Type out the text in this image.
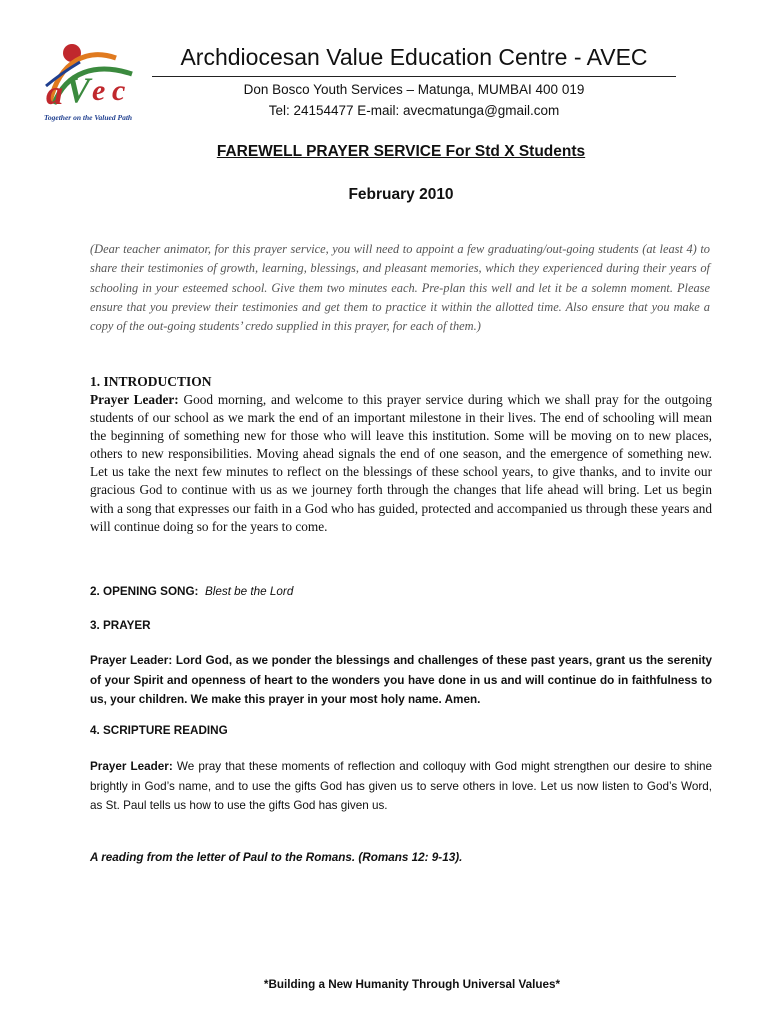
a V e c
Together on the Valued Path
Archdiocesan Value Education Centre - AVEC
Don Bosco Youth Services – Matunga, MUMBAI 400 019
Tel: 24154477 E-mail: avecmatunga@gmail.com
FAREWELL PRAYER SERVICE For Std X Students
February 2010
(Dear teacher animator, for this prayer service, you will need to appoint a few graduating/out-going students (at least 4) to share their testimonies of growth, learning, blessings, and pleasant memories, which they experienced during their years of schooling in your esteemed school. Give them two minutes each. Pre-plan this well and let it be a solemn moment. Please ensure that you preview their testimonies and get them to practice it within the allotted time. Also ensure that you make a copy of the out-going students’ credo supplied in this prayer, for each of them.)
1. INTRODUCTION
Prayer Leader: Good morning, and welcome to this prayer service during which we shall pray for the outgoing students of our school as we mark the end of an important milestone in their lives. The end of schooling will mean the beginning of something new for those who will leave this institution. Some will be moving on to new places, others to new responsibilities. Moving ahead signals the end of one season, and the emergence of something new. Let us take the next few minutes to reflect on the blessings of these school years, to give thanks, and to invite our gracious God to continue with us as we journey forth through the changes that life ahead will bring. Let us begin with a song that expresses our faith in a God who has guided, protected and accompanied us through these years and will continue doing so for the years to come.
2. OPENING SONG: Blest be the Lord
3. PRAYER
Prayer Leader: Lord God, as we ponder the blessings and challenges of these past years, grant us the serenity of your Spirit and openness of heart to the wonders you have done in us and will continue do in faithfulness to us, your children. We make this prayer in your most holy name. Amen.
4. SCRIPTURE READING
Prayer Leader: We pray that these moments of reflection and colloquy with God might strengthen our desire to shine brightly in God’s name, and to use the gifts God has given us to serve others in love. Let us now listen to God’s Word, as St. Paul tells us how to use the gifts God has given us.
A reading from the letter of Paul to the Romans. (Romans 12: 9-13).
*Building a New Humanity Through Universal Values*
